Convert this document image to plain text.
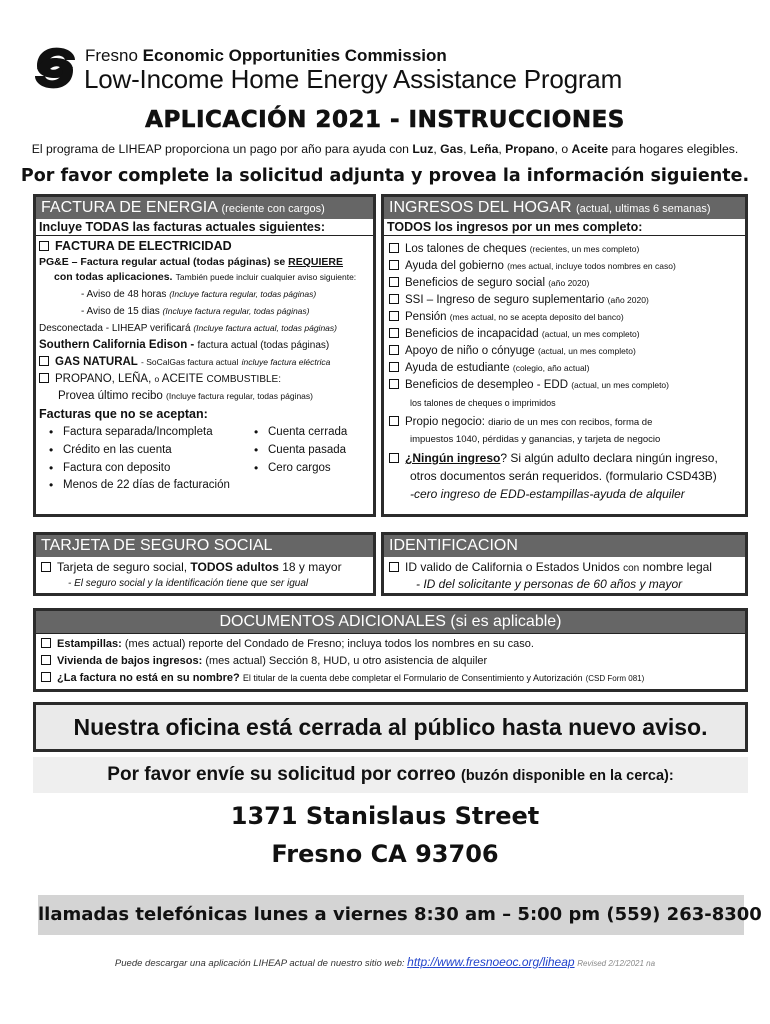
Fresno Economic Opportunities Commission
Low-Income Home Energy Assistance Program
APLICACIÓN 2021 - INSTRUCCIONES
El programa de LIHEAP proporciona un pago por año para ayuda con Luz, Gas, Leña, Propano, o Aceite para hogares elegibles.
Por favor complete la solicitud adjunta y provea la información siguiente.
FACTURA DE ENERGIA (reciente con cargos)
Incluye TODAS las facturas actuales siguientes:
FACTURA DE ELECTRICIDAD
PG&E – Factura regular actual (todas páginas) se REQUIERE
con todas aplicaciones. También puede incluir cualquier aviso siguiente:
- Aviso de 48 horas (Incluye factura regular, todas páginas)
- Aviso de 15 dias (Incluye factura regular, todas páginas)
Desconectada - LIHEAP verificará (Incluye factura actual, todas páginas)
Southern California Edison - factura actual (todas páginas)
GAS NATURAL - SoCalGas factura actual incluye factura eléctrica
PROPANO, LEÑA, o ACEITE COMBUSTIBLE:
Provea último recibo (Incluye factura regular, todas páginas)
Facturas que no se aceptan:
• Factura separada/Incompleta
• Crédito en las cuenta
• Factura con deposito
• Menos de 22 días de facturación
• Cuenta cerrada
• Cuenta pasada
• Cero cargos
INGRESOS DEL HOGAR (actual, ultimas 6 semanas)
TODOS los ingresos por un mes completo:
Los talones de cheques (recientes, un mes completo)
Ayuda del gobierno (mes actual, incluye todos nombres en caso)
Beneficios de seguro social (año 2020)
SSI – Ingreso de seguro suplementario (año 2020)
Pensión (mes actual, no se acepta deposito del banco)
Beneficios de incapacidad (actual, un mes completo)
Apoyo de niño o cónyuge (actual, un mes completo)
Ayuda de estudiante (colegio, año actual)
Beneficios de desempleo - EDD (actual, un mes completo)
los talones de cheques o imprimidos
Propio negocio: diario de un mes con recibos, forma de
impuestos 1040, pérdidas y ganancias, y tarjeta de negocio
¿Ningún ingreso? Si algún adulto declara ningún ingreso,
otros documentos serán requeridos. (formulario CSD43B)
-cero ingreso de EDD-estampillas-ayuda de alquiler
TARJETA DE SEGURO SOCIAL
Tarjeta de seguro social, TODOS adultos 18 y mayor
- El seguro social y la identificación tiene que ser igual
IDENTIFICACION
ID valido de California o Estados Unidos con nombre legal
- ID del solicitante y personas de 60 años y mayor
DOCUMENTOS ADICIONALES (si es aplicable)
Estampillas: (mes actual) reporte del Condado de Fresno; incluya todos los nombres en su caso.
Vivienda de bajos ingresos: (mes actual) Sección 8, HUD, u otro asistencia de alquiler
¿La factura no está en su nombre? El titular de la cuenta debe completar el Formulario de Consentimiento y Autorización (CSD Form 081)
Nuestra oficina está cerrada al público hasta nuevo aviso.
Por favor envíe su solicitud por correo (buzón disponible en la cerca):
1371 Stanislaus Street
Fresno CA 93706
llamadas telefónicas lunes a viernes 8:30 am – 5:00 pm (559) 263-8300
Puede descargar una aplicación LIHEAP actual de nuestro sitio web: http://www.fresnoeoc.org/liheap Revised 2/12/2021 na
